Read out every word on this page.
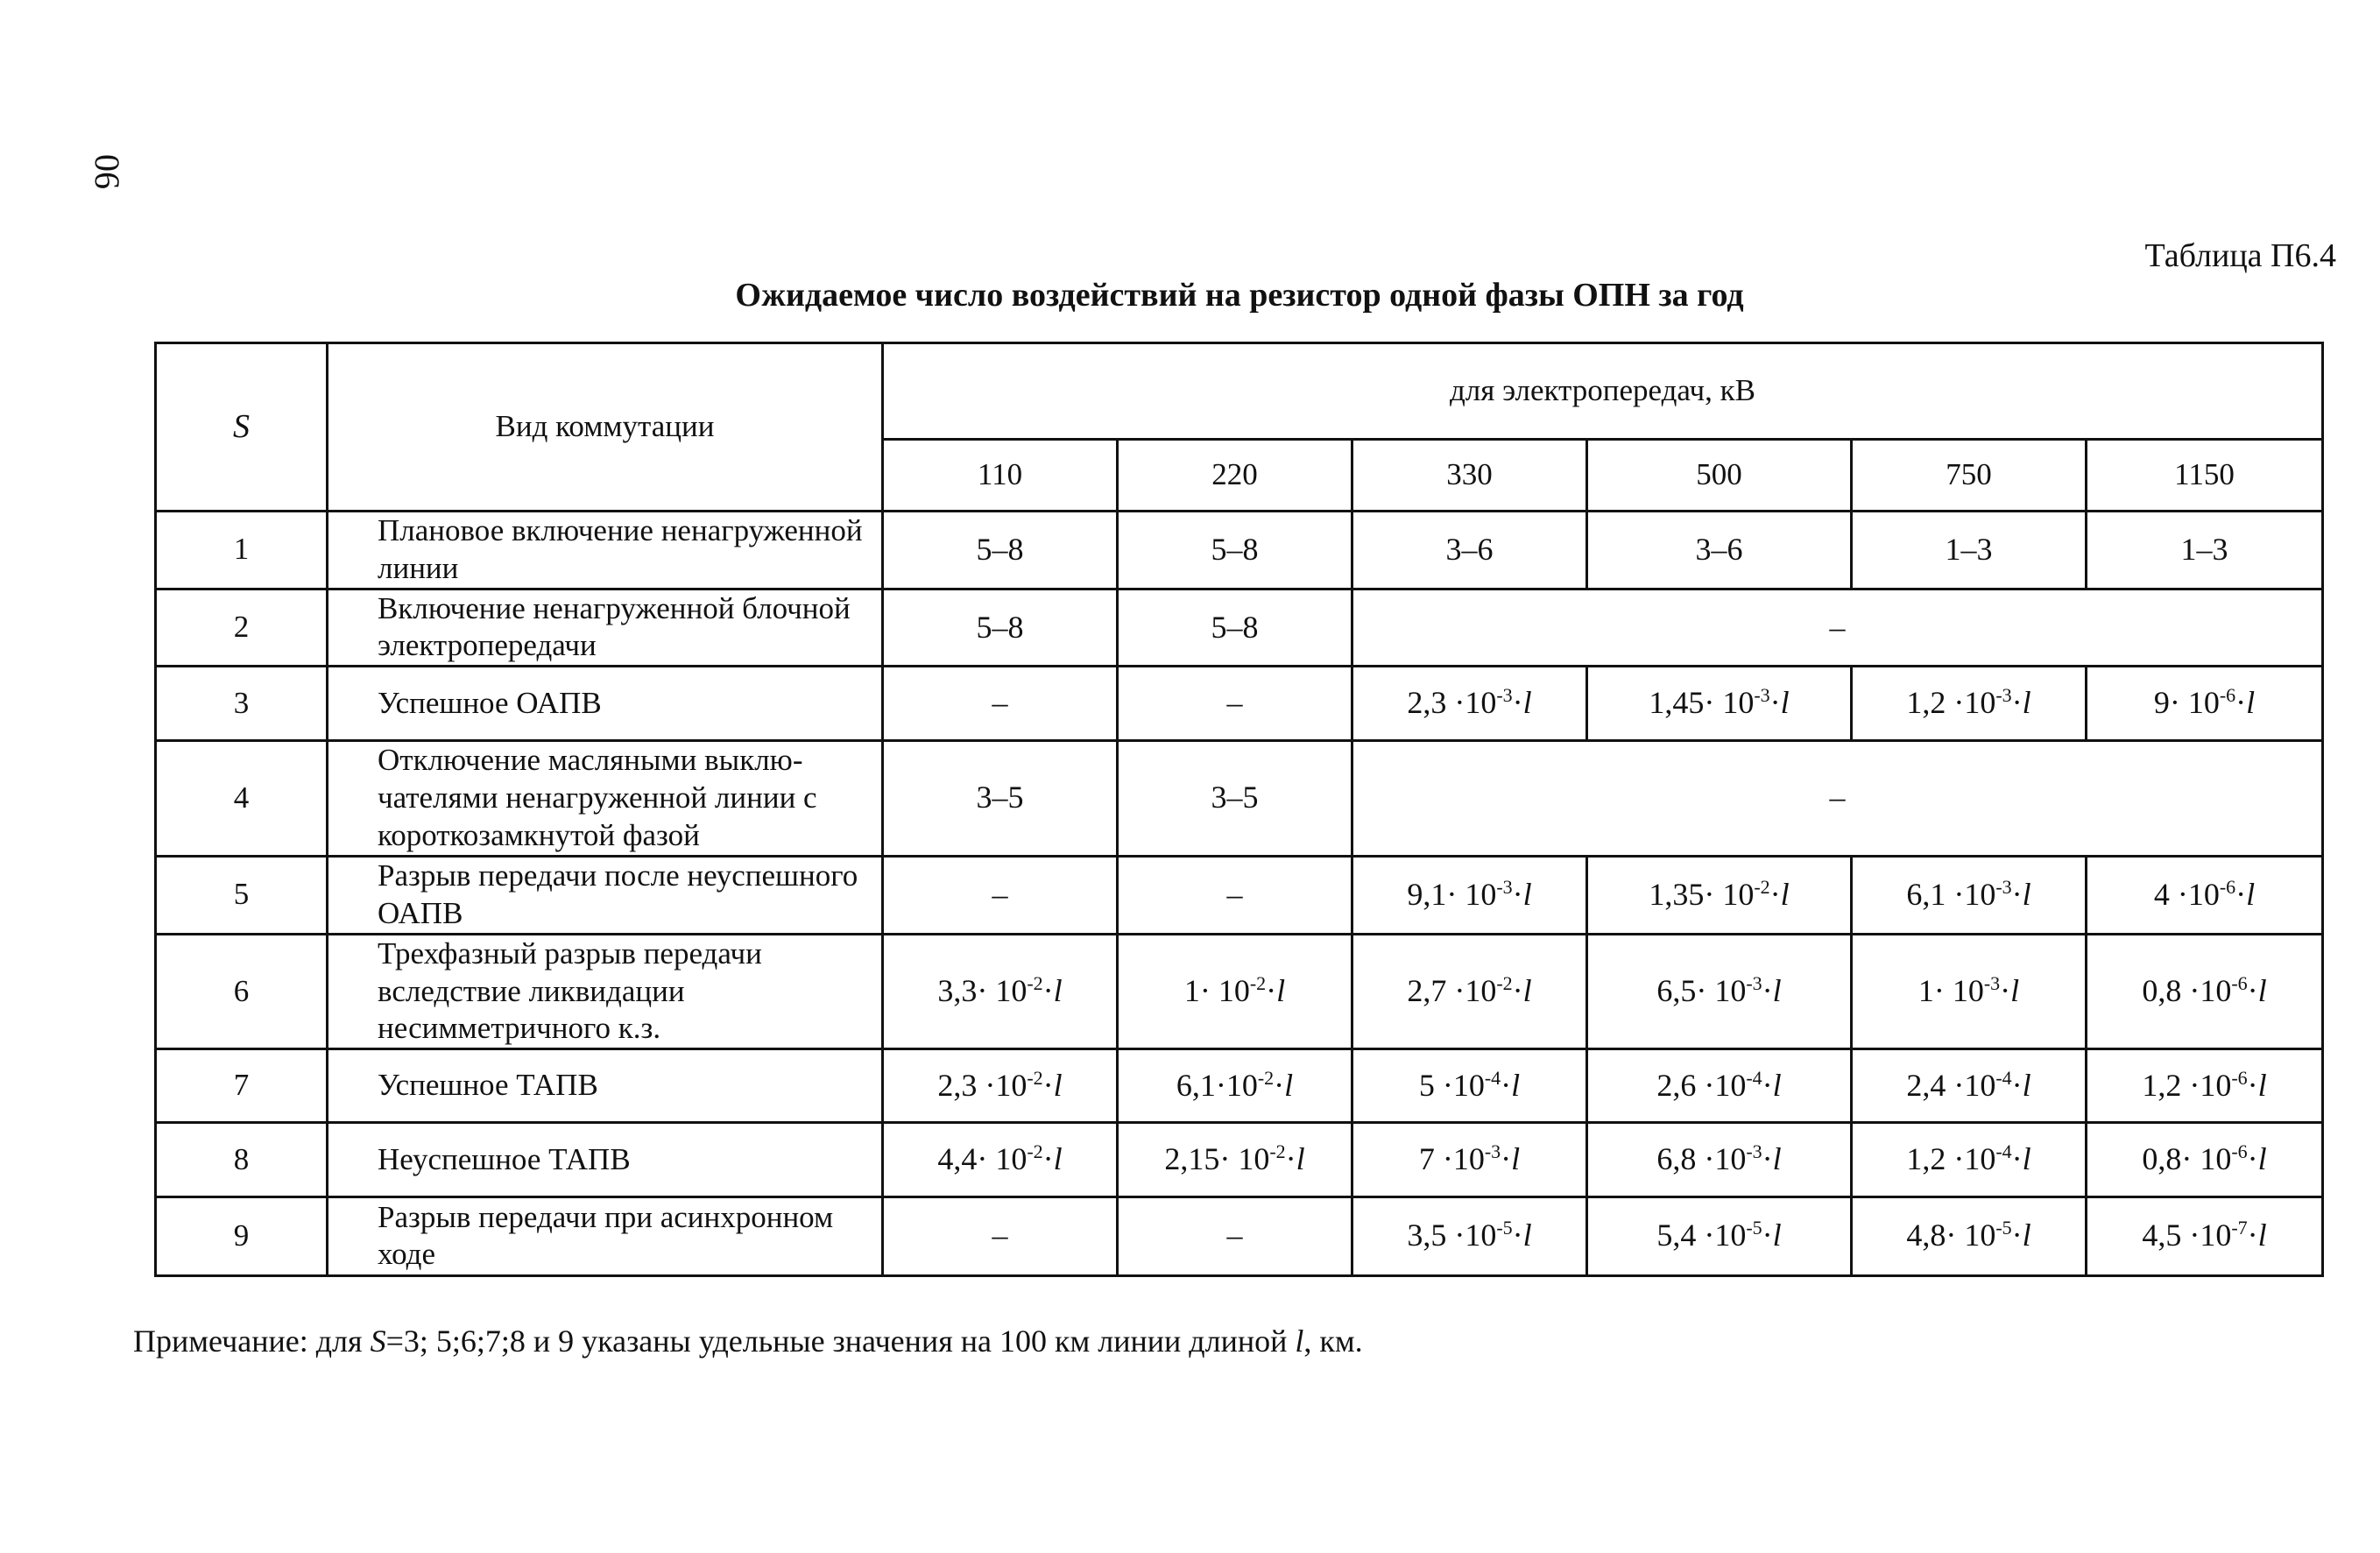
06
Таблица П6.4
Ожидаемое число воздействий на резистор одной фазы ОПН за год
S	Вид коммутации	для электропередач, кВ					
		110	220	330	500	750	1150
1	Плановое включение ненагруженной линии	5–8	5–8	3–6	3–6	1–3	1–3
2	Включение ненагруженной блочной электропередачи	5–8	5–8	–			
3	Успешное ОАПВ	–	–	$2,3 \cdot 10^{-3}\cdot l$	$1,45\cdot 10^{-3}\cdot l$	$1,2 \cdot 10^{-3}\cdot l$	$9\cdot 10^{-6}\cdot l$
4	Отключение масляными выклю- чателями ненагруженной линии с короткозамкнутой фазой	3–5	3–5	–			
5	Разрыв передачи после неуспешного ОАПВ	–	–	$9,1\cdot 10^{-3}\cdot l$	$1,35\cdot 10^{-2}\cdot l$	$6,1 \cdot 10^{-3}\cdot l$	$4 \cdot 10^{-6}\cdot l$
6	Трехфазный разрыв передачи вследствие ликвидации несимметричного к.з.	$3,3\cdot 10^{-2}\cdot l$	$1\cdot 10^{-2}\cdot l$	$2,7 \cdot 10^{-2}\cdot l$	$6,5\cdot 10^{-3}\cdot l$	$1\cdot 10^{-3}\cdot l$	$0,8 \cdot 10^{-6}\cdot l$
7	Успешное ТАПВ	$2,3 \cdot 10^{-2}\cdot l$	$6,1\cdot 10^{-2}\cdot l$	$5 \cdot 10^{-4}\cdot l$	$2,6 \cdot 10^{-4}\cdot l$	$2,4 \cdot 10^{-4}\cdot l$	$1,2 \cdot 10^{-6}\cdot l$
8	Неуспешное ТАПВ	$4,4\cdot 10^{-2}\cdot l$	$2,15\cdot 10^{-2}\cdot l$	$7 \cdot 10^{-3}\cdot l$	$6,8 \cdot 10^{-3}\cdot l$	$1,2 \cdot 10^{-4}\cdot l$	$0,8\cdot 10^{-6}\cdot l$
9	Разрыв передачи при асинхронном ходе	–	–	$3,5 \cdot 10^{-5}\cdot l$	$5,4 \cdot 10^{-5}\cdot l$	$4,8\cdot 10^{-5}\cdot l$	$4,5 \cdot 10^{-7}\cdot l$
Примечание: для S=3; 5;6;7;8 и 9 указаны удельные значения на 100 км линии длиной l, км.
